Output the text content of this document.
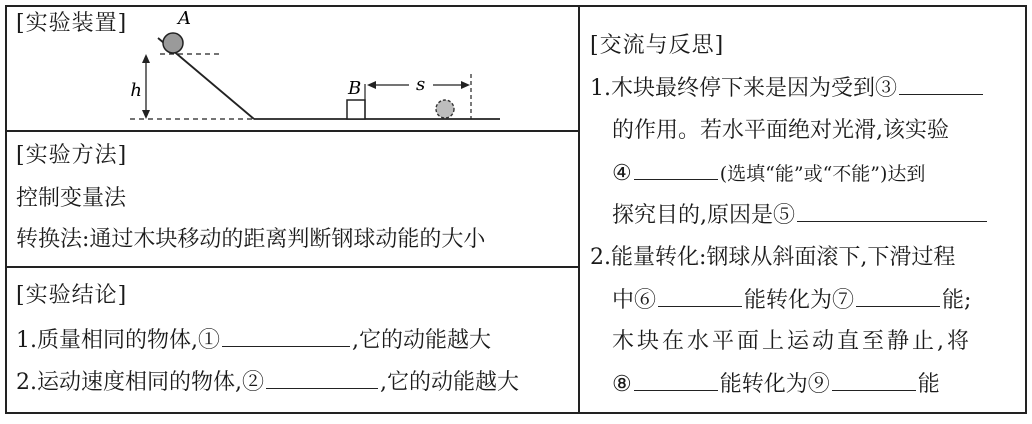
[实验装置]
h
A
B	s
[实验方法]
控制变量法
转换法:通过木块移动的距离判断钢球动能的大小
[实验结论]
1.质量相同的物体,①	,它的动能越大
2.运动速度相同的物体,②	,它的动能越大
[交流与反思]
1.木块最终停下来是因为受到③
的作用。若水平面绝对光滑,该实验
④	(选填“能”或“不能”)达到
探究目的,原因是⑤
2.能量转化:钢球从斜面滚下,下滑过程
中⑥	能转化为⑦	能;
木块在水平面上运动直至静止,将
⑧	能转化为⑨	能
